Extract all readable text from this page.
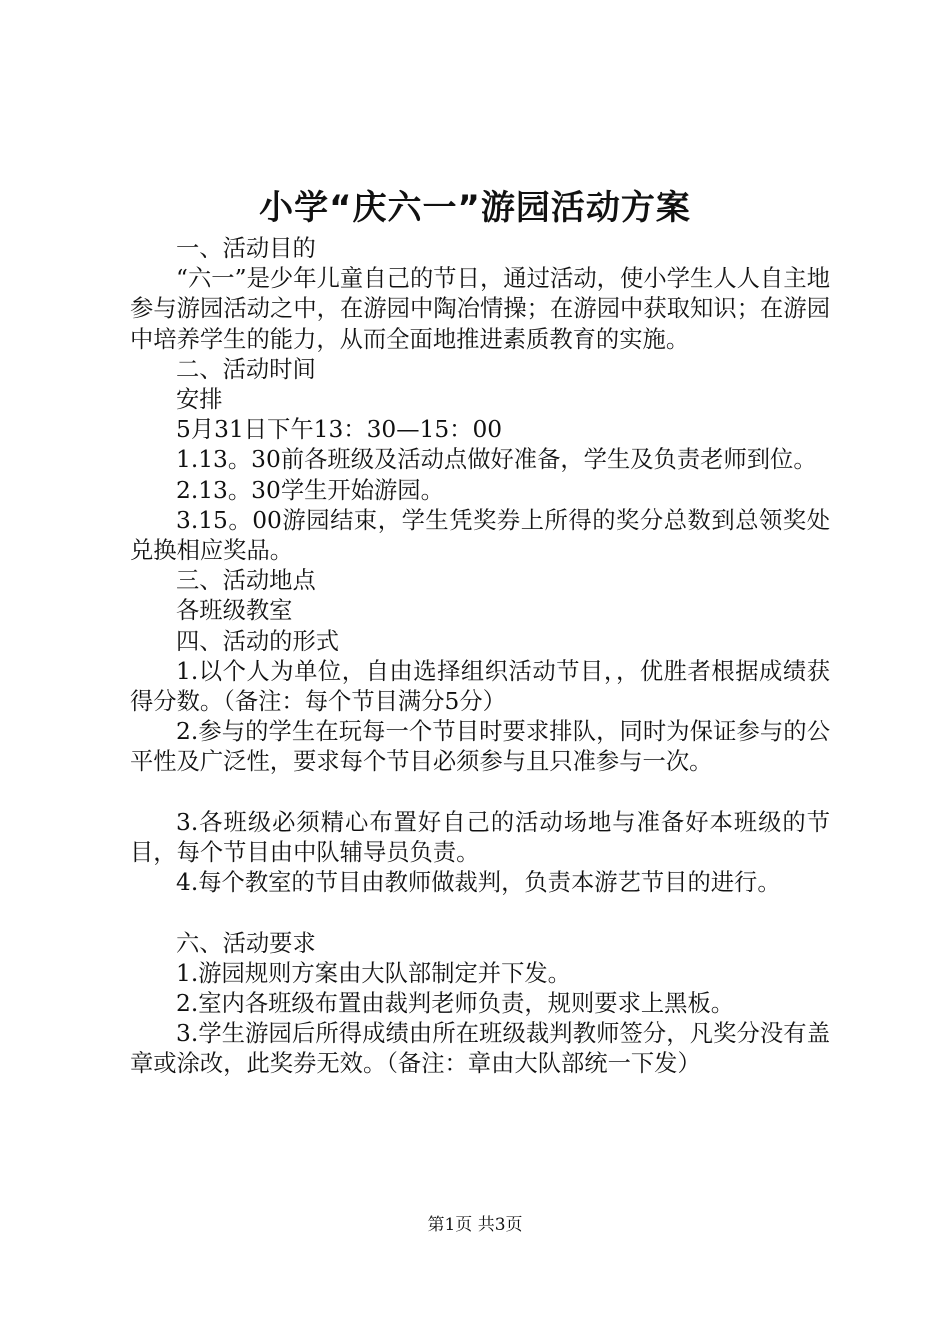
小学“庆六一”游园活动方案

一、活动目的

“六一”是少年儿童自己的节日，通过活动，使小学生人人自主地参与游园活动之中，在游园中陶冶情操；在游园中获取知识；在游园中培养学生的能力，从而全面地推进素质教育的实施。

二、活动时间

安排

5月31日下午13：30—15：00

1.13。30前各班级及活动点做好准备，学生及负责老师到位。

2.13。30学生开始游园。

3.15。00游园结束，学生凭奖券上所得的奖分总数到总领奖处兑换相应奖品。

三、活动地点

各班级教室

四、活动的形式

1.以个人为单位，自由选择组织活动节目，，优胜者根据成绩获得分数。（备注：每个节目满分5分）

2.参与的学生在玩每一个节目时要求排队，同时为保证参与的公平性及广泛性，要求每个节目必须参与且只准参与一次。

3.各班级必须精心布置好自己的活动场地与准备好本班级的节目，每个节目由中队辅导员负责。

4.每个教室的节目由教师做裁判，负责本游艺节目的进行。

六、活动要求

1.游园规则方案由大队部制定并下发。

2.室内各班级布置由裁判老师负责，规则要求上黑板。

3.学生游园后所得成绩由所在班级裁判教师签分，凡奖分没有盖章或涂改，此奖券无效。（备注：章由大队部统一下发）

第1页 共3页
